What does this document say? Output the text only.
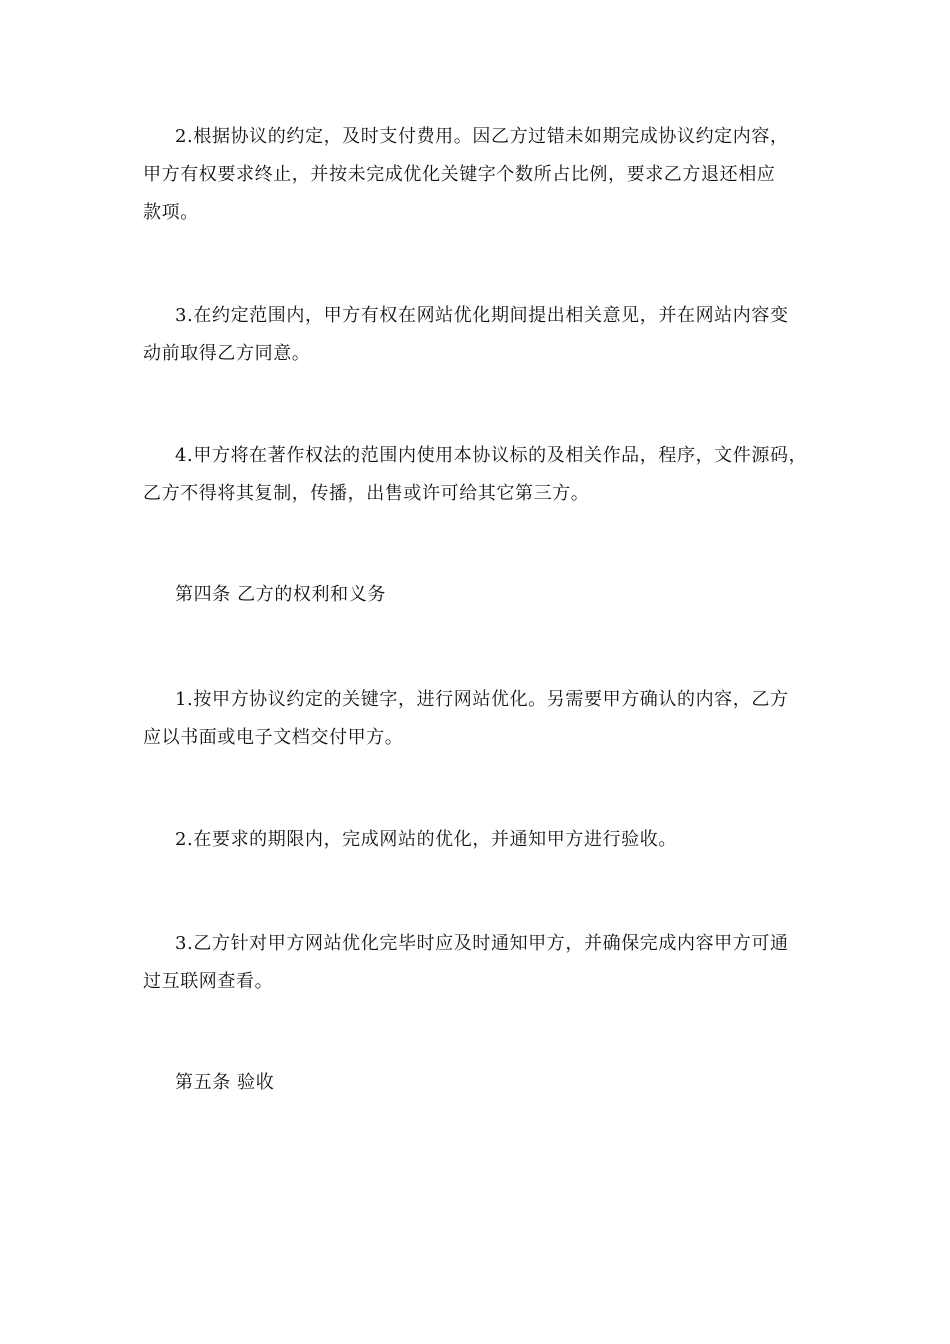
2.根据协议的约定，及时支付费用。因乙方过错未如期完成协议约定内容，
甲方有权要求终止，并按未完成优化关键字个数所占比例，要求乙方退还相应
款项。
3.在约定范围内，甲方有权在网站优化期间提出相关意见，并在网站内容变
动前取得乙方同意。
4.甲方将在著作权法的范围内使用本协议标的及相关作品，程序，文件源码，
乙方不得将其复制，传播，出售或许可给其它第三方。
第四条 乙方的权利和义务
1.按甲方协议约定的关键字，进行网站优化。另需要甲方确认的内容，乙方
应以书面或电子文档交付甲方。
2.在要求的期限内，完成网站的优化，并通知甲方进行验收。
3.乙方针对甲方网站优化完毕时应及时通知甲方，并确保完成内容甲方可通
过互联网查看。
第五条 验收
